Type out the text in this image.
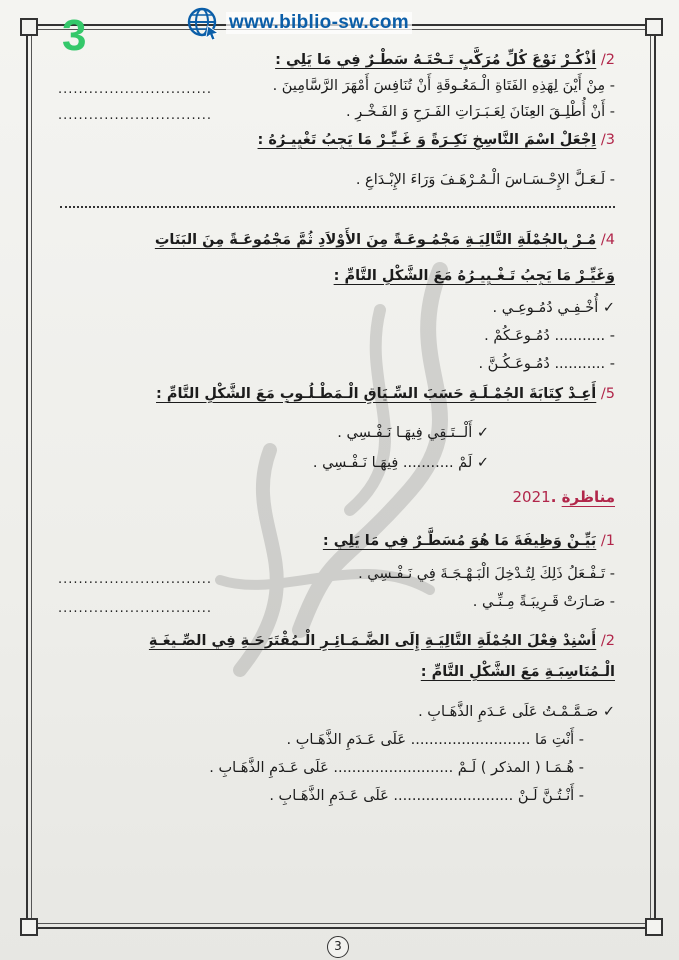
3	www.biblio-sw.com
2/ أذْكُـرْ نَوْعَ كُلِّ مُرَكَّبٍ تَـحْتَـهُ سَطْـرٌ فِي مَا يَلِي :
- مِنْ أَيْنَ لِهَذِهِ الفَتَاةِ الْـمَعُـوقَةِ أَنْ تُنَافِسَ أَمْهَرَ الرَّسَّامِينَ .
..............................
- أَنْ أُطْلِـقَ العِنَانَ لِعَـبَـرَاتِ الفَـرَحِ وَ الفَـخْـرِ .
..............................
3/ اِجْعَلْ اسْمَ النَّاسِخِ نَكِـرَةً وَ غَـيِّـرْ مَا يَجِبُ تَغْيِيـرُهُ :
- لَـعَـلَّ الإِحْـسَـاسَ الْـمُـرْهَـفَ وَرَاءَ الإِبْـدَاعِ .
4/ مُـرْ بِالجُمْلَةِ التَّالِيَـةِ مَجْمُـوعَـةً مِنَ الأَوْلاَدِ ثُمَّ مَجْمُوعَـةً مِنَ البَنَاتِ
وَغَيِّـرْ مَا يَجِبُ تَـغْـيِيـرُهُ مَعَ الشَّكْلِ التَّامِّ :
✓ أُخْـفِـي دُمُـوعِـي .
- ........... دُمُـوعَـكُمْ .
- ........... دُمُـوعَـكُـنَّ .
5/ أَعِـدْ كِتَابَةَ الجُمْـلَـةِ حَسَبَ السِّـيَاقِ الْـمَطْـلُـوبِ مَعَ الشَّكْلِ التَّامِّ :
✓ أَلْــتَـقِي فِيهَـا نَـفْـسِي .
✓ لَمْ ........... فِيهَـا نَـفْـسِي .
2021. مناظرة
1/ بَيِّـنْ وَظِيفَةَ مَا هُوَ مُسَطَّـرٌ فِي مَا يَلِي :
- تَـفْـعَلُ ذَلِكَ لِتُـدْخِلَ الْبَـهْـجَـةَ فِي نَـفْـسِي .
..............................
- صَـارَتْ قَـرِيبَـةً مِـنِّـي .
..............................
2/ أَسْنِدْ فِعْلَ الجُمْلَةِ التَّالِيَـةِ إِلَى الضَّـمَـائِـرِ الْـمُقْتَرَحَـةِ فِي الصِّـيغَـةِ
الْـمُنَاسِبَـةِ مَعَ الشَّكْلِ التَّامِّ :
✓ صَـمَّـمْـتُ عَلَى عَـدَمِ الذَّهَـابِ .
- أَنْتِ مَا .......................... عَلَى عَـدَمِ الذَّهَـابِ .
- هُـمَـا ( المذكر ) لَـمْ .......................... عَلَى عَـدَمِ الذَّهَـابِ .
- أَنْـتُـنَّ لَـنْ .......................... عَلَى عَـدَمِ الذَّهَـابِ .
3
